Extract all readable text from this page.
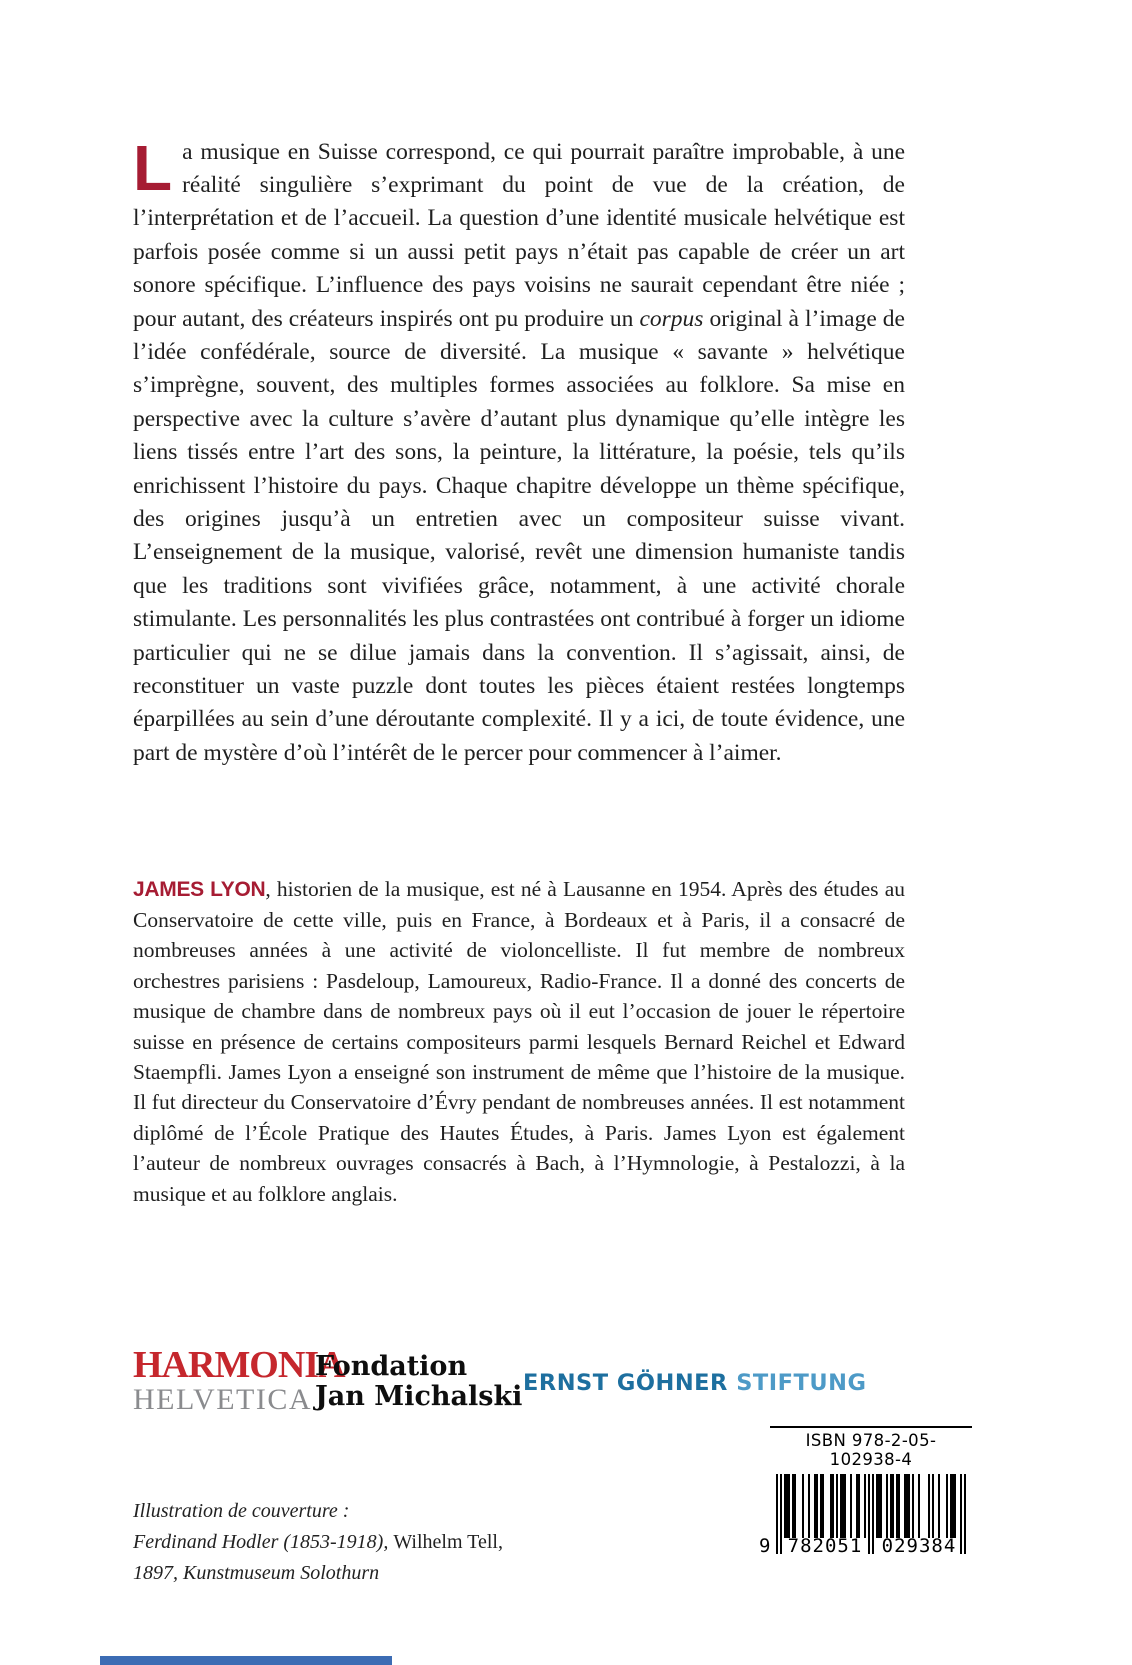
La musique en Suisse correspond, ce qui pourrait paraître improbable, à une réalité singulière s’exprimant du point de vue de la création, de l’interprétation et de l’accueil. La question d’une identité musicale helvétique est parfois posée comme si un aussi petit pays n’était pas capable de créer un art sonore spécifique. L’influence des pays voisins ne saurait cependant être niée ; pour autant, des créateurs inspirés ont pu produire un corpus original à l’image de l’idée confédérale, source de diversité. La musique « savante » helvétique s’imprègne, souvent, des multiples formes associées au folklore. Sa mise en perspective avec la culture s’avère d’autant plus dynamique qu’elle intègre les liens tissés entre l’art des sons, la peinture, la littérature, la poésie, tels qu’ils enrichissent l’histoire du pays. Chaque chapitre développe un thème spécifique, des origines jusqu’à un entretien avec un compositeur suisse vivant. L’enseignement de la musique, valorisé, revêt une dimension humaniste tandis que les traditions sont vivifiées grâce, notamment, à une activité chorale stimulante. Les personnalités les plus contrastées ont contribué à forger un idiome particulier qui ne se dilue jamais dans la convention. Il s’agissait, ainsi, de reconstituer un vaste puzzle dont toutes les pièces étaient restées longtemps éparpillées au sein d’une déroutante complexité. Il y a ici, de toute évidence, une part de mystère d’où l’intérêt de le percer pour commencer à l’aimer.

JAMES LYON, historien de la musique, est né à Lausanne en 1954. Après des études au Conservatoire de cette ville, puis en France, à Bordeaux et à Paris, il a consacré de nombreuses années à une activité de violoncelliste. Il fut membre de nombreux orchestres parisiens : Pasdeloup, Lamoureux, Radio-France. Il a donné des concerts de musique de chambre dans de nombreux pays où il eut l’occasion de jouer le répertoire suisse en présence de certains compositeurs parmi lesquels Bernard Reichel et Edward Staempfli. James Lyon a enseigné son instrument de même que l’histoire de la musique. Il fut directeur du Conservatoire d’Évry pendant de nombreuses années. Il est notamment diplômé de l’École Pratique des Hautes Études, à Paris. James Lyon est également l’auteur de nombreux ouvrages consacrés à Bach, à l’Hymnologie, à Pestalozzi, à la musique et au folklore anglais.

HARMONIA
HELVETICA
Fondation
Jan Michalski ERNST GÖHNER STIFTUNG
ISBN 978-2-05-102938-4
9 782051 029384
Illustration de couverture :
Ferdinand Hodler (1853-1918), Wilhelm Tell,
1897, Kunstmuseum Solothurn
